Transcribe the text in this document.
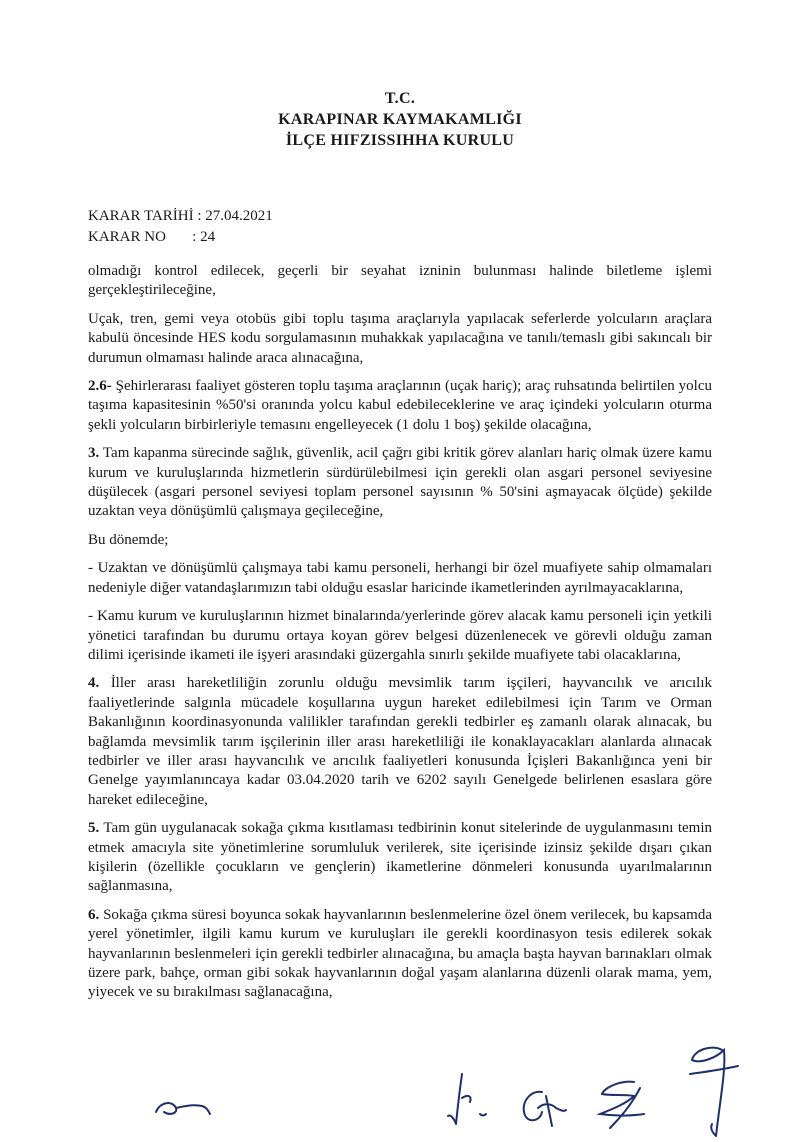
T.C.
KARAPINAR KAYMAKAMLIĞI
İLÇE HIFZISSIHHA KURULU
KARAR TARİHİ : 27.04.2021
KARAR NO       : 24

olmadığı kontrol edilecek, geçerli bir seyahat izninin bulunması halinde biletleme işlemi gerçekleştirileceğine,

Uçak, tren, gemi veya otobüs gibi toplu taşıma araçlarıyla yapılacak seferlerde yolcuların araçlara kabulü öncesinde HES kodu sorgulamasının muhakkak yapılacağına ve tanılı/temaslı gibi sakıncalı bir durumun olmaması halinde araca alınacağına,

2.6- Şehirlerarası faaliyet gösteren toplu taşıma araçlarının (uçak hariç); araç ruhsatında belirtilen yolcu taşıma kapasitesinin %50'si oranında yolcu kabul edebileceklerine ve araç içindeki yolcuların oturma şekli yolcuların birbirleriyle temasını engelleyecek (1 dolu 1 boş) şekilde olacağına,

3. Tam kapanma sürecinde sağlık, güvenlik, acil çağrı gibi kritik görev alanları hariç olmak üzere kamu kurum ve kuruluşlarında hizmetlerin sürdürülebilmesi için gerekli olan asgari personel seviyesine düşülecek (asgari personel seviyesi toplam personel sayısının % 50'sini aşmayacak ölçüde) şekilde uzaktan veya dönüşümlü çalışmaya geçileceğine,

Bu dönemde;

- Uzaktan ve dönüşümlü çalışmaya tabi kamu personeli, herhangi bir özel muafiyete sahip olmamaları nedeniyle diğer vatandaşlarımızın tabi olduğu esaslar haricinde ikametlerinden ayrılmayacaklarına,

- Kamu kurum ve kuruluşlarının hizmet binalarında/yerlerinde görev alacak kamu personeli için yetkili yönetici tarafından bu durumu ortaya koyan görev belgesi düzenlenecek ve görevli olduğu zaman dilimi içerisinde ikameti ile işyeri arasındaki güzergahla sınırlı şekilde muafiyete tabi olacaklarına,

4. İller arası hareketliliğin zorunlu olduğu mevsimlik tarım işçileri, hayvancılık ve arıcılık faaliyetlerinde salgınla mücadele koşullarına uygun hareket edilebilmesi için Tarım ve Orman Bakanlığının koordinasyonunda valilikler tarafından gerekli tedbirler eş zamanlı olarak alınacak, bu bağlamda mevsimlik tarım işçilerinin iller arası hareketliliği ile konaklayacakları alanlarda alınacak tedbirler ve iller arası hayvancılık ve arıcılık faaliyetleri konusunda İçişleri Bakanlığınca yeni bir Genelge yayımlanıncaya kadar 03.04.2020 tarih ve 6202 sayılı Genelgede belirlenen esaslara göre hareket edileceğine,

5. Tam gün uygulanacak sokağa çıkma kısıtlaması tedbirinin konut sitelerinde de uygulanmasını temin etmek amacıyla site yönetimlerine sorumluluk verilerek, site içerisinde izinsiz şekilde dışarı çıkan kişilerin (özellikle çocukların ve gençlerin) ikametlerine dönmeleri konusunda uyarılmalarının sağlanmasına,

6. Sokağa çıkma süresi boyunca sokak hayvanlarının beslenmelerine özel önem verilecek, bu kapsamda yerel yönetimler, ilgili kamu kurum ve kuruluşları ile gerekli koordinasyon tesis edilerek sokak hayvanlarının beslenmeleri için gerekli tedbirler alınacağına, bu amaçla başta hayvan barınakları olmak üzere park, bahçe, orman gibi sokak hayvanlarının doğal yaşam alanlarına düzenli olarak mama, yem, yiyecek ve su bırakılması sağlanacağına,
